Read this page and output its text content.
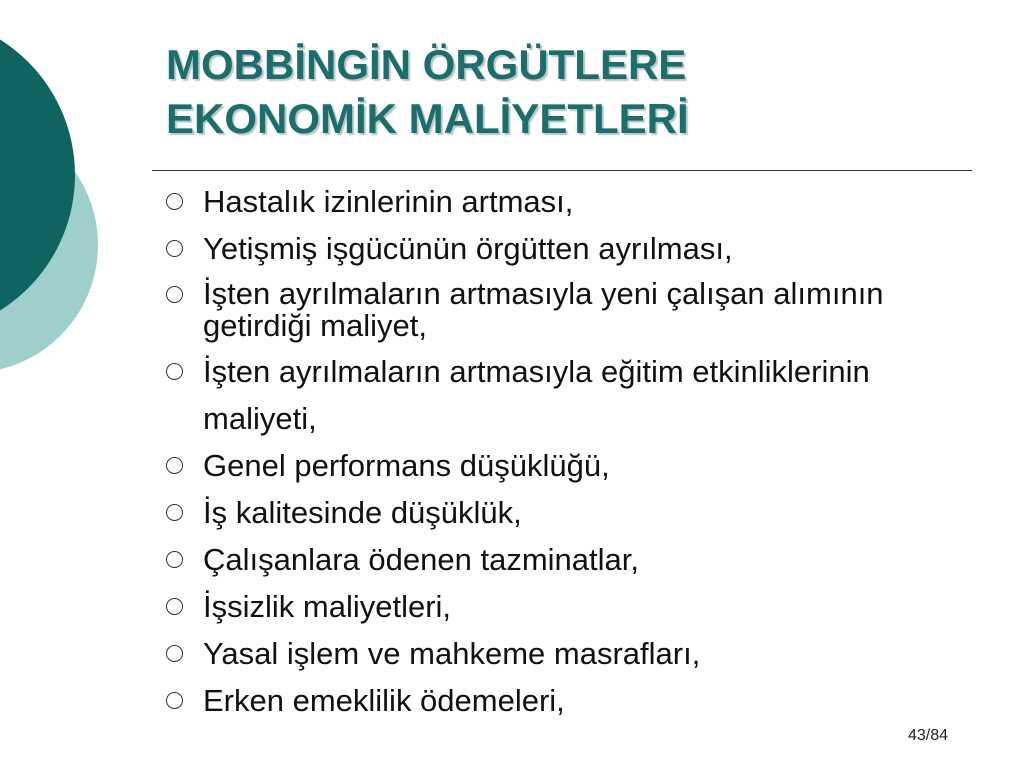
MOBBİNGİN ÖRGÜTLERE
EKONOMİK MALİYETLERİ
Hastalık izinlerinin artması,
Yetişmiş işgücünün örgütten ayrılması,
İşten ayrılmaların artmasıyla yeni çalışan alımının getirdiği maliyet,
İşten ayrılmaların artmasıyla eğitim etkinliklerinin maliyeti,
Genel performans düşüklüğü,
İş kalitesinde düşüklük,
Çalışanlara ödenen tazminatlar,
İşsizlik maliyetleri,
Yasal işlem ve mahkeme masrafları,
Erken emeklilik ödemeleri,
43/84
